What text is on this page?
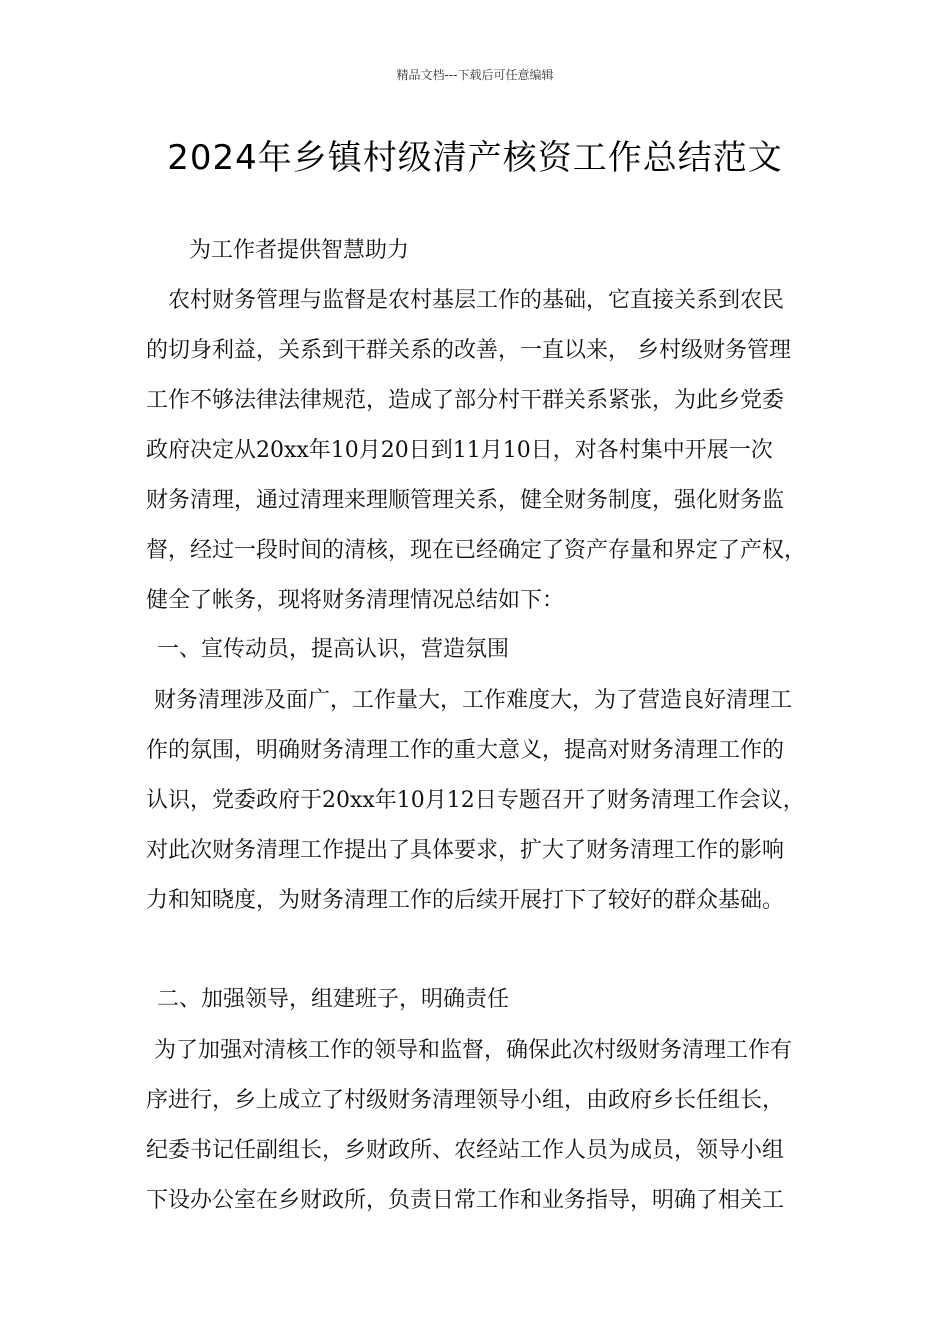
精品文档---下载后可任意编辑
2024年乡镇村级清产核资工作总结范文
为工作者提供智慧助力
农村财务管理与监督是农村基层工作的基础，它直接关系到农民
的切身利益，关系到干群关系的改善，一直以来， 乡村级财务管理
工作不够法律法律规范，造成了部分村干群关系紧张，为此乡党委
政府决定从20xx年10月20日到11月10日，对各村集中开展一次
财务清理，通过清理来理顺管理关系，健全财务制度，强化财务监
督，经过一段时间的清核，现在已经确定了资产存量和界定了产权，
健全了帐务，现将财务清理情况总结如下：
一、宣传动员，提高认识，营造氛围
财务清理涉及面广，工作量大，工作难度大，为了营造良好清理工
作的氛围，明确财务清理工作的重大意义，提高对财务清理工作的
认识，党委政府于20xx年10月12日专题召开了财务清理工作会议，
对此次财务清理工作提出了具体要求，扩大了财务清理工作的影响
力和知晓度，为财务清理工作的后续开展打下了较好的群众基础。
二、加强领导，组建班子，明确责任
为了加强对清核工作的领导和监督，确保此次村级财务清理工作有
序进行，乡上成立了村级财务清理领导小组，由政府乡长任组长，
纪委书记任副组长，乡财政所、农经站工作人员为成员，领导小组
下设办公室在乡财政所，负责日常工作和业务指导，明确了相关工
